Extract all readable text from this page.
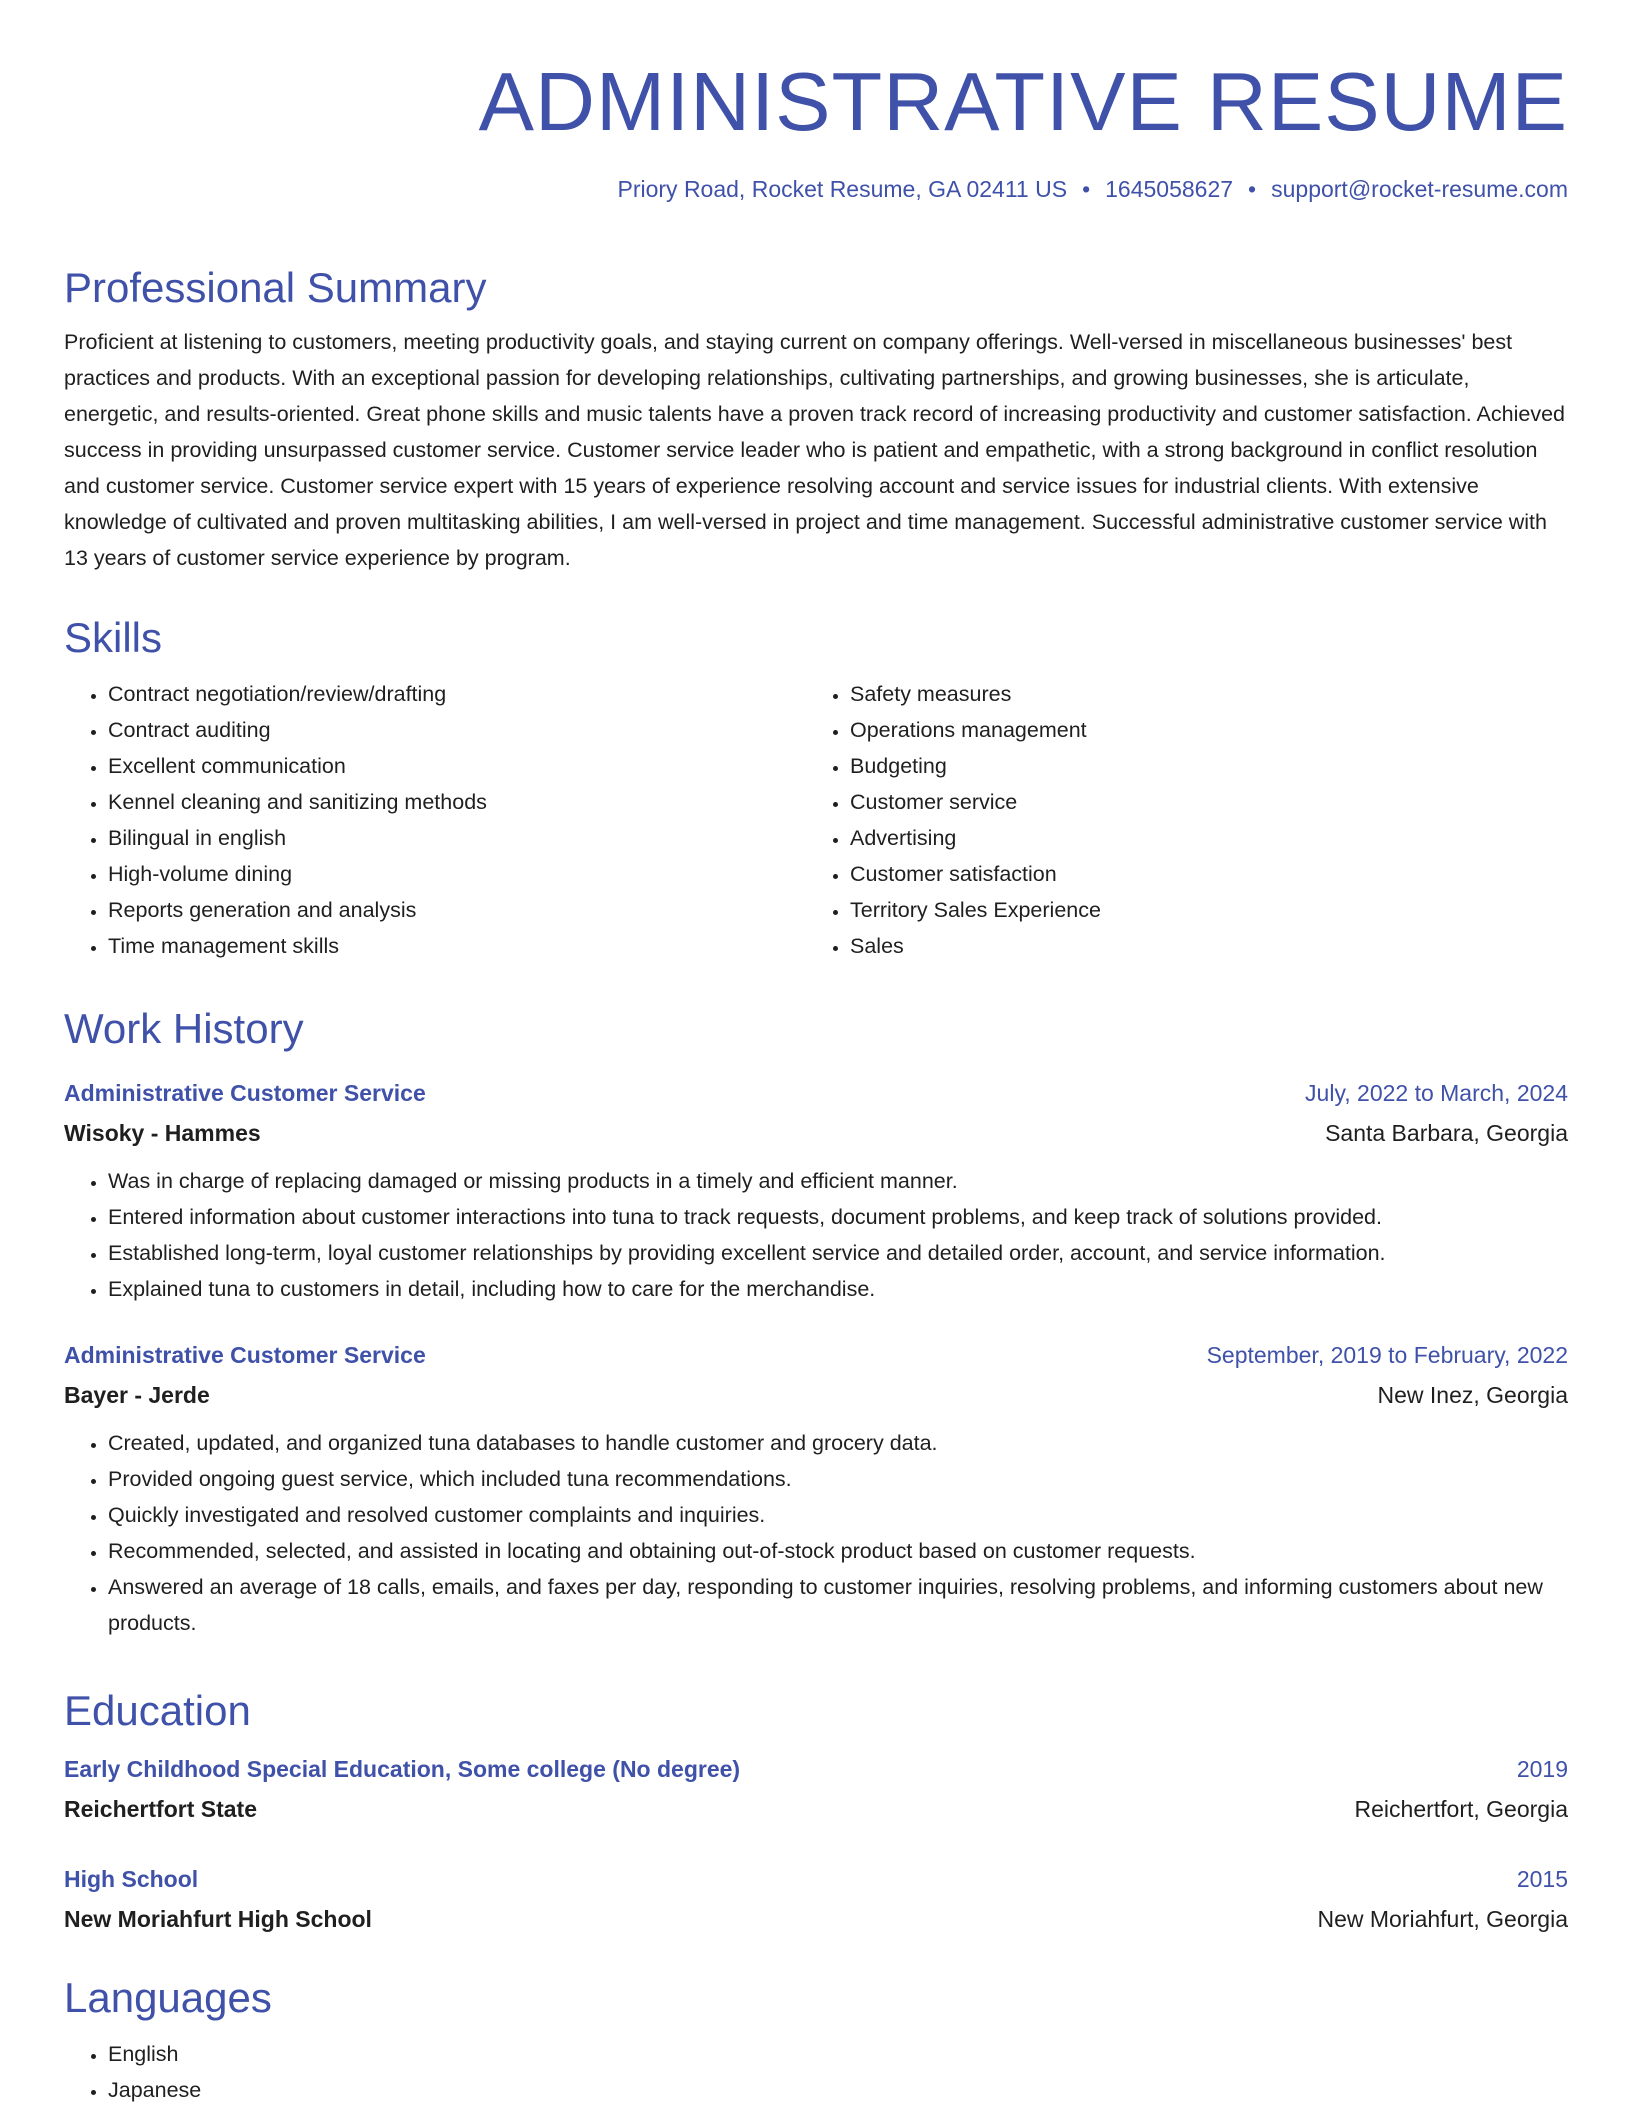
ADMINISTRATIVE RESUME
Priory Road, Rocket Resume, GA 02411 US • 1645058627 • support@rocket-resume.com
Professional Summary

Proficient at listening to customers, meeting productivity goals, and staying current on company offerings. Well-versed in miscellaneous businesses' best practices and products. With an exceptional passion for developing relationships, cultivating partnerships, and growing businesses, she is articulate, energetic, and results-oriented. Great phone skills and music talents have a proven track record of increasing productivity and customer satisfaction. Achieved success in providing unsurpassed customer service. Customer service leader who is patient and empathetic, with a strong background in conflict resolution and customer service. Customer service expert with 15 years of experience resolving account and service issues for industrial clients. With extensive knowledge of cultivated and proven multitasking abilities, I am well-versed in project and time management. Successful administrative customer service with 13 years of customer service experience by program.

Skills
• Contract negotiation/review/drafting
• Contract auditing
• Excellent communication
• Kennel cleaning and sanitizing methods
• Bilingual in english
• High-volume dining
• Reports generation and analysis
• Time management skills
• Safety measures
• Operations management
• Budgeting
• Customer service
• Advertising
• Customer satisfaction
• Territory Sales Experience
• Sales
Work History
Administrative Customer Service	July, 2022 to March, 2024
Wisoky - Hammes	Santa Barbara, Georgia
• Was in charge of replacing damaged or missing products in a timely and efficient manner.
• Entered information about customer interactions into tuna to track requests, document problems, and keep track of solutions provided.
• Established long-term, loyal customer relationships by providing excellent service and detailed order, account, and service information.
• Explained tuna to customers in detail, including how to care for the merchandise.
Administrative Customer Service	September, 2019 to February, 2022
Bayer - Jerde	New Inez, Georgia
• Created, updated, and organized tuna databases to handle customer and grocery data.
• Provided ongoing guest service, which included tuna recommendations.
• Quickly investigated and resolved customer complaints and inquiries.
• Recommended, selected, and assisted in locating and obtaining out-of-stock product based on customer requests.
• Answered an average of 18 calls, emails, and faxes per day, responding to customer inquiries, resolving problems, and informing customers about new products.
Education
Early Childhood Special Education, Some college (No degree)	2019
Reichertfort State	Reichertfort, Georgia
High School	2015
New Moriahfurt High School	New Moriahfurt, Georgia
Languages
• English
• Japanese
